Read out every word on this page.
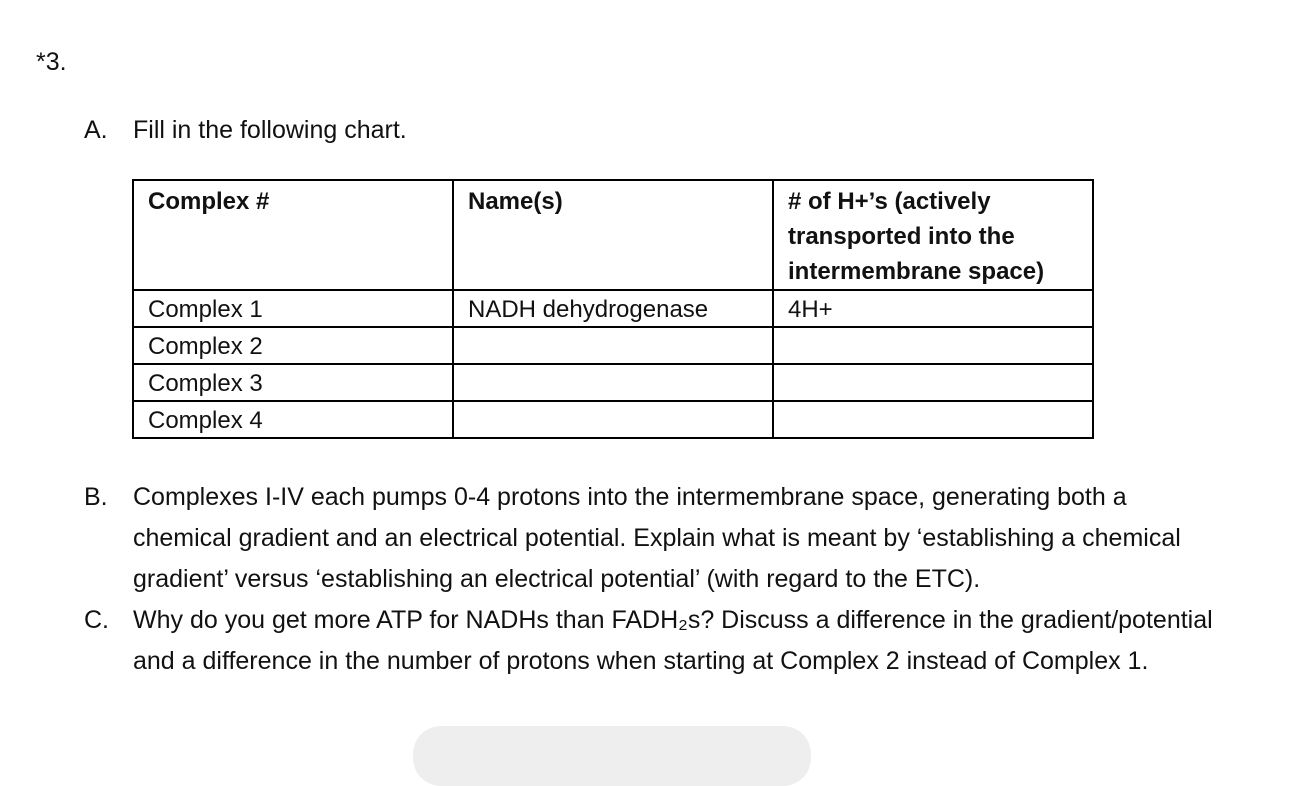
*3.
A. Fill in the following chart.
Complex #	Name(s)	# of H+’s (actively transported into the intermembrane space)
Complex 1	NADH dehydrogenase	4H+
Complex 2		
Complex 3		
Complex 4		
B. Complexes I-IV each pumps 0-4 protons into the intermembrane space, generating both a chemical gradient and an electrical potential. Explain what is meant by ‘establishing a chemical gradient’ versus ‘establishing an electrical potential’ (with regard to the ETC).
C. Why do you get more ATP for NADHs than FADH₂s? Discuss a difference in the gradient/potential and a difference in the number of protons when starting at Complex 2 instead of Complex 1.
